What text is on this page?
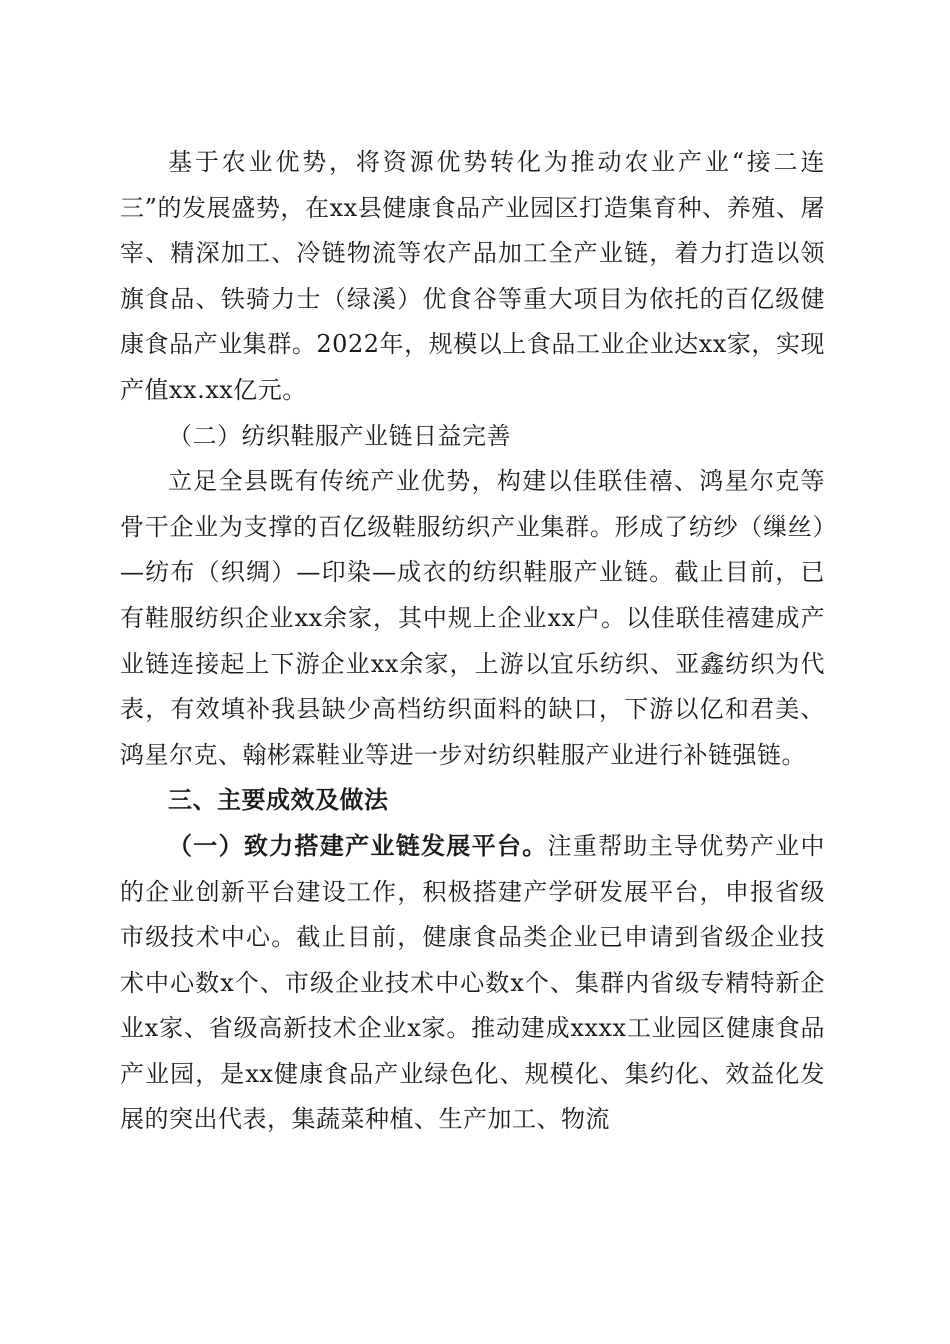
基于农业优势，将资源优势转化为推动农业产业“接二连三”的发展盛势，在xx县健康食品产业园区打造集育种、养殖、屠宰、精深加工、冷链物流等农产品加工全产业链，着力打造以领旗食品、铁骑力士（绿溪）优食谷等重大项目为依托的百亿级健康食品产业集群。2022年，规模以上食品工业企业达xx家，实现产值xx.xx亿元。

（二）纺织鞋服产业链日益完善

立足全县既有传统产业优势，构建以佳联佳禧、鸿星尔克等骨干企业为支撑的百亿级鞋服纺织产业集群。形成了纺纱（缫丝）—纺布（织绸）—印染—成衣的纺织鞋服产业链。截止目前，已有鞋服纺织企业xx余家，其中规上企业xx户。以佳联佳禧建成产业链连接起上下游企业xx余家，上游以宜乐纺织、亚鑫纺织为代表，有效填补我县缺少高档纺织面料的缺口，下游以亿和君美、鸿星尔克、翰彬霖鞋业等进一步对纺织鞋服产业进行补链强链。

三、主要成效及做法

（一）致力搭建产业链发展平台。注重帮助主导优势产业中的企业创新平台建设工作，积极搭建产学研发展平台，申报省级市级技术中心。截止目前，健康食品类企业已申请到省级企业技术中心数x个、市级企业技术中心数x个、集群内省级专精特新企业x家、省级高新技术企业x家。推动建成xxxx工业园区健康食品产业园，是xx健康食品产业绿色化、规模化、集约化、效益化发展的突出代表，集蔬菜种植、生产加工、物流
